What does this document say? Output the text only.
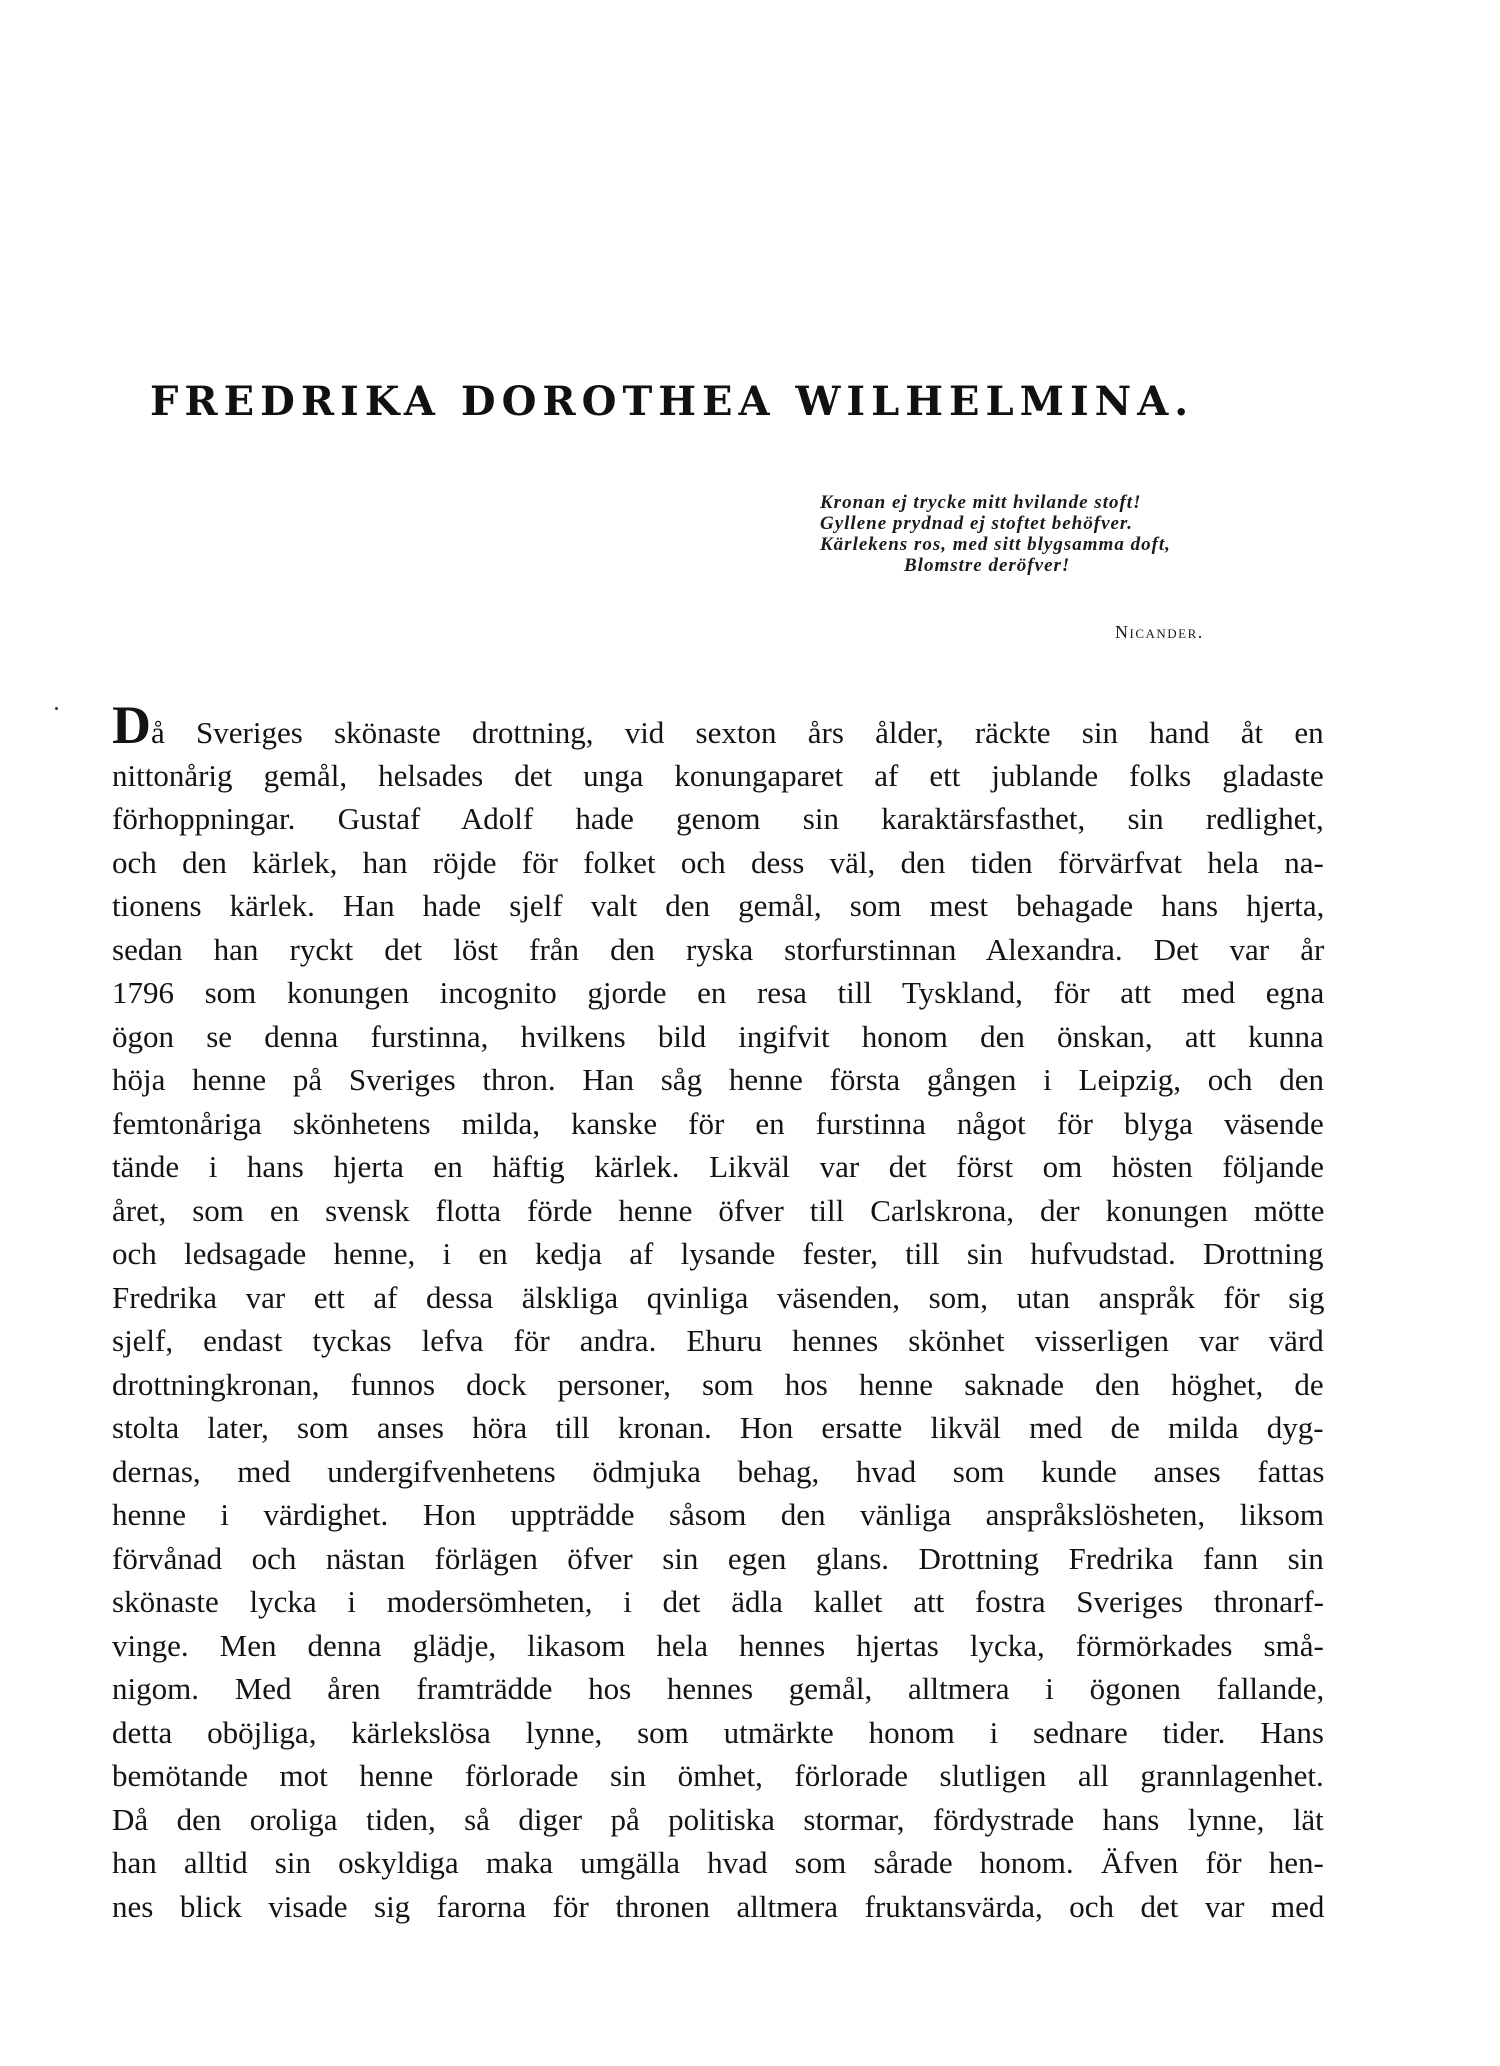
FREDRIKA DOROTHEA WILHELMINA.
Kronan ej trycke mitt hvilande stoft!
Gyllene prydnad ej stoftet behöfver.
Kärlekens ros, med sitt blygsamma doft,
Blomstre deröfver!
Nicander.
Då Sveriges skönaste drottning, vid sexton års ålder, räckte sin hand åt en
nittonårig gemål, helsades det unga konungaparet af ett jublande folks gladaste
förhoppningar. Gustaf Adolf hade genom sin karaktärsfasthet, sin redlighet,
och den kärlek, han röjde för folket och dess väl, den tiden förvärfvat hela na-
tionens kärlek. Han hade sjelf valt den gemål, som mest behagade hans hjerta,
sedan han ryckt det löst från den ryska storfurstinnan Alexandra. Det var år
1796 som konungen incognito gjorde en resa till Tyskland, för att med egna
ögon se denna furstinna, hvilkens bild ingifvit honom den önskan, att kunna
höja henne på Sveriges thron. Han såg henne första gången i Leipzig, och den
femtonåriga skönhetens milda, kanske för en furstinna något för blyga väsende
tände i hans hjerta en häftig kärlek. Likväl var det först om hösten följande
året, som en svensk flotta förde henne öfver till Carlskrona, der konungen mötte
och ledsagade henne, i en kedja af lysande fester, till sin hufvudstad. Drottning
Fredrika var ett af dessa älskliga qvinliga väsenden, som, utan anspråk för sig
sjelf, endast tyckas lefva för andra. Ehuru hennes skönhet visserligen var värd
drottningkronan, funnos dock personer, som hos henne saknade den höghet, de
stolta later, som anses höra till kronan. Hon ersatte likväl med de milda dyg-
dernas, med undergifvenhetens ödmjuka behag, hvad som kunde anses fattas
henne i värdighet. Hon uppträdde såsom den vänliga anspråkslösheten, liksom
förvånad och nästan förlägen öfver sin egen glans. Drottning Fredrika fann sin
skönaste lycka i modersömheten, i det ädla kallet att fostra Sveriges thronarf-
vinge. Men denna glädje, likasom hela hennes hjertas lycka, förmörkades små-
nigom. Med åren framträdde hos hennes gemål, alltmera i ögonen fallande,
detta oböjliga, kärlekslösa lynne, som utmärkte honom i sednare tider. Hans
bemötande mot henne förlorade sin ömhet, förlorade slutligen all grannlagenhet.
Då den oroliga tiden, så diger på politiska stormar, fördystrade hans lynne, lät
han alltid sin oskyldiga maka umgälla hvad som sårade honom. Äfven för hen-
nes blick visade sig farorna för thronen alltmera fruktansvärda, och det var med
